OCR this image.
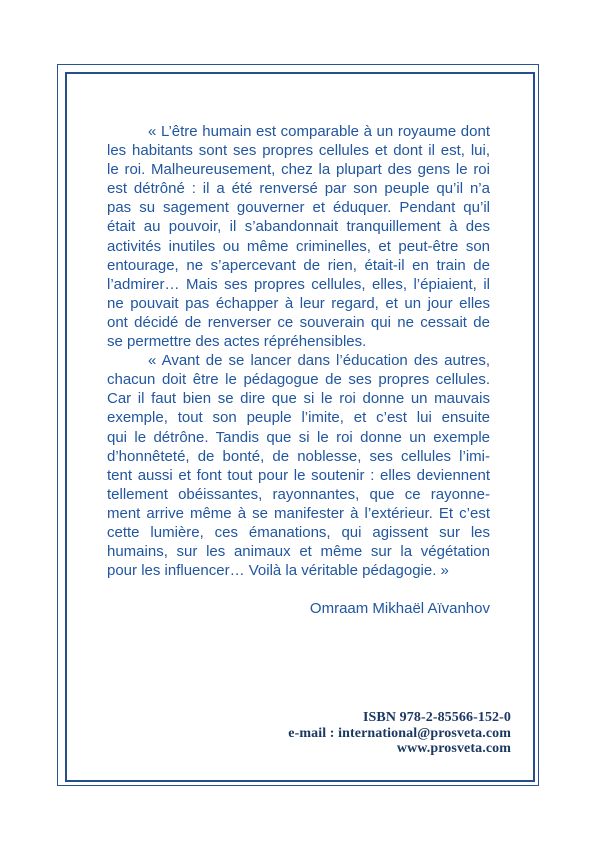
« L’être humain est comparable à un royaume dont
les habitants sont ses propres cellules et dont il est, lui,
le roi. Malheureusement, chez la plupart des gens le roi
est détrôné : il a été renversé par son peuple qu’il n’a
pas su sagement gouverner et éduquer. Pendant qu’il
était au pouvoir, il s’abandonnait tranquillement à des
activités inutiles ou même criminelles, et peut-être son
entourage, ne s’apercevant de rien, était-il en train de
l’admirer… Mais ses propres cellules, elles, l’épiaient, il
ne pouvait pas échapper à leur regard, et un jour elles
ont décidé de renverser ce souverain qui ne cessait de
se permettre des actes répréhensibles.
« Avant de se lancer dans l’éducation des autres,
chacun doit être le pédagogue de ses propres cellules.
Car il faut bien se dire que si le roi donne un mauvais
exemple, tout son peuple l’imite, et c’est lui ensuite
qui le détrône. Tandis que si le roi donne un exemple
d’honnêteté, de bonté, de noblesse, ses cellules l’imi-
tent aussi et font tout pour le soutenir : elles deviennent
tellement obéissantes, rayonnantes, que ce rayonne-
ment arrive même à se manifester à l’extérieur. Et c’est
cette lumière, ces émanations, qui agissent sur les
humains, sur les animaux et même sur la végétation
pour les influencer… Voilà la véritable pédagogie. »
Omraam Mikhaël Aïvanhov
ISBN 978-2-85566-152-0
e-mail : international@prosveta.com
www.prosveta.com
